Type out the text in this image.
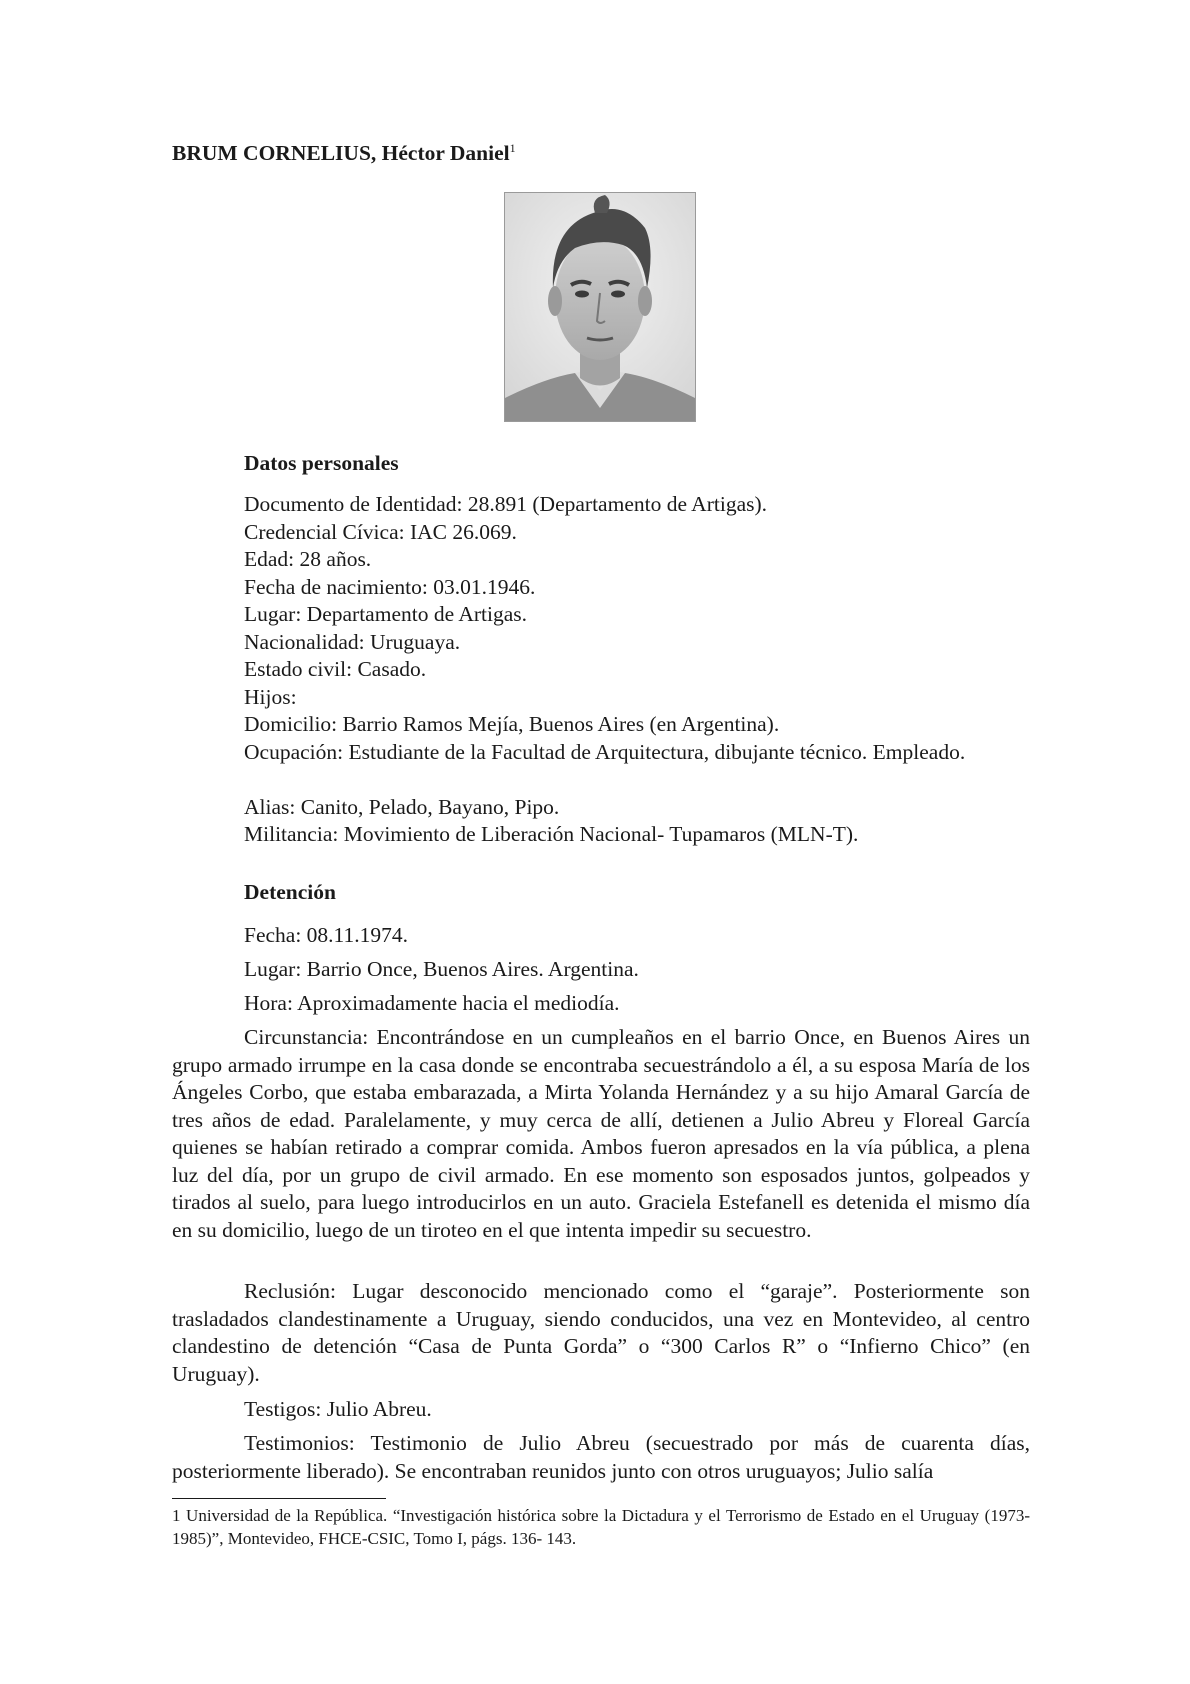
BRUM CORNELIUS, Héctor Daniel$^1$
Datos personales
Documento de Identidad: 28.891 (Departamento de Artigas).
Credencial Cívica: IAC 26.069.
Edad: 28 años.
Fecha de nacimiento: 03.01.1946.
Lugar: Departamento de Artigas.
Nacionalidad: Uruguaya.
Estado civil: Casado.
Hijos:
Domicilio: Barrio Ramos Mejía, Buenos Aires (en Argentina).
Ocupación: Estudiante de la Facultad de Arquitectura, dibujante técnico. Empleado.
Alias: Canito, Pelado, Bayano, Pipo.
Militancia: Movimiento de Liberación Nacional- Tupamaros (MLN-T).
Detención
Fecha: 08.11.1974.
Lugar: Barrio Once, Buenos Aires. Argentina.
Hora: Aproximadamente hacia el mediodía.
Circunstancia: Encontrándose en un cumpleaños en el barrio Once, en Buenos Aires un grupo armado irrumpe en la casa donde se encontraba secuestrándolo a él, a su esposa María de los Ángeles Corbo, que estaba embarazada, a Mirta Yolanda Hernández y a su hijo Amaral García de tres años de edad. Paralelamente, y muy cerca de allí, detienen a Julio Abreu y Floreal García quienes se habían retirado a comprar comida. Ambos fueron apresados en la vía pública, a plena luz del día, por un grupo de civil armado. En ese momento son esposados juntos, golpeados y tirados al suelo, para luego introducirlos en un auto. Graciela Estefanell es detenida el mismo día en su domicilio, luego de un tiroteo en el que intenta impedir su secuestro.
Reclusión: Lugar desconocido mencionado como el “garaje”. Posteriormente son trasladados clandestinamente a Uruguay, siendo conducidos, una vez en Montevideo, al centro clandestino de detención “Casa de Punta Gorda” o “300 Carlos R” o “Infierno Chico” (en Uruguay).
Testigos: Julio Abreu.
Testimonios: Testimonio de Julio Abreu (secuestrado por más de cuarenta días, posteriormente liberado). Se encontraban reunidos junto con otros uruguayos; Julio salía
1 Universidad de la República. “Investigación histórica sobre la Dictadura y el Terrorismo de Estado en el Uruguay (1973-1985)”, Montevideo, FHCE-CSIC, Tomo I, págs. 136- 143.
